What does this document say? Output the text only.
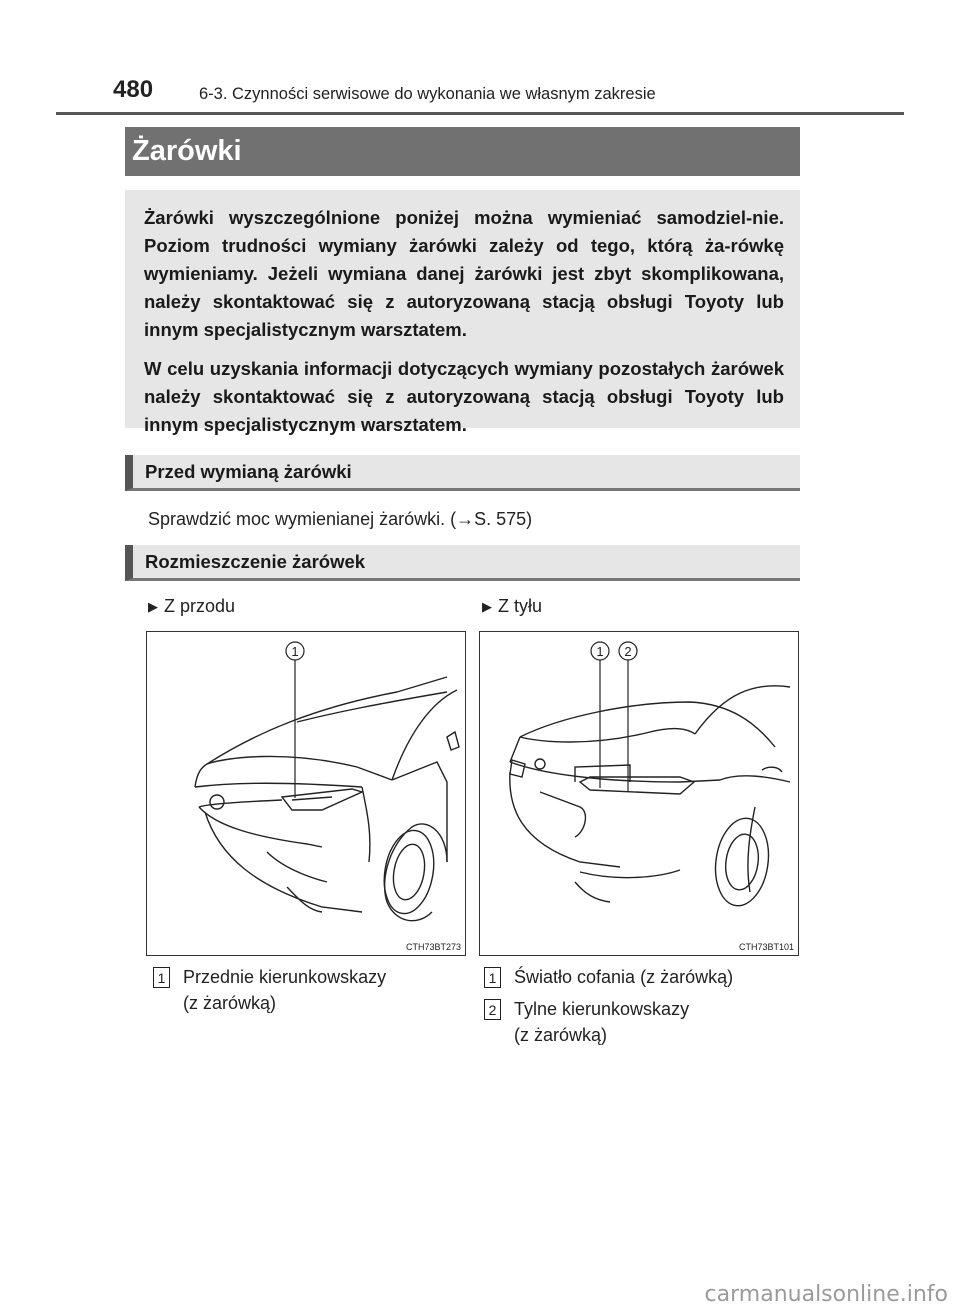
480	6-3. Czynności serwisowe do wykonania we własnym zakresie
Żarówki

Żarówki wyszczególnione poniżej można wymieniać samodziel-nie. Poziom trudności wymiany żarówki zależy od tego, którą ża-rówkę wymieniamy. Jeżeli wymiana danej żarówki jest zbyt skomplikowana, należy skontaktować się z autoryzowaną stacją obsługi Toyoty lub innym specjalistycznym warsztatem.

W celu uzyskania informacji dotyczących wymiany pozostałych żarówek należy skontaktować się z autoryzowaną stacją obsługi Toyoty lub innym specjalistycznym warsztatem.

Przed wymianą żarówki
Sprawdzić moc wymienianej żarówki. (→S. 575)
Rozmieszczenie żarówek
▶ Z przodu	▶ Z tyłu
1
CTH73BT273
1 2
CTH73BT101
1 Przednie kierunkowskazy
(z żarówką)
1 Światło cofania (z żarówką)
2 Tylne kierunkowskazy
(z żarówką)
carmanualsonline.info
